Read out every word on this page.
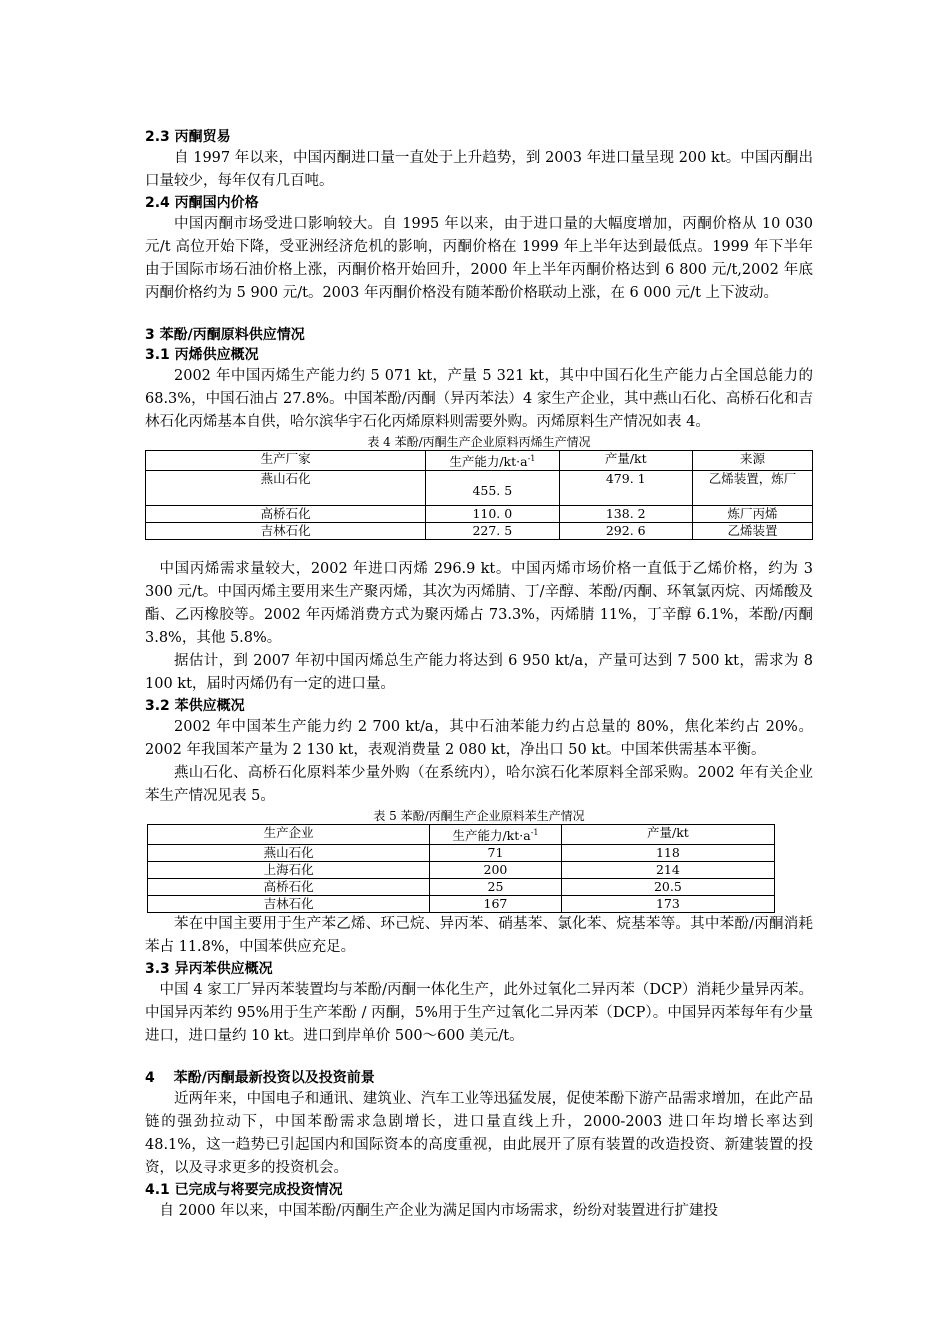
2.3 丙酮贸易

自 1997 年以来，中国丙酮进口量一直处于上升趋势，到 2003 年进口量呈现 200 kt。中国丙酮出口量较少，每年仅有几百吨。

2.4 丙酮国内价格

中国丙酮市场受进口影响较大。自 1995 年以来，由于进口量的大幅度增加，丙酮价格从 10 030 元/t 高位开始下降，受亚洲经济危机的影响，丙酮价格在 1999 年上半年达到最低点。1999 年下半年由于国际市场石油价格上涨，丙酮价格开始回升，2000 年上半年丙酮价格达到 6 800 元/t,2002 年底丙酮价格约为 5 900 元/t。2003 年丙酮价格没有随苯酚价格联动上涨，在 6 000 元/t 上下波动。

3 苯酚/丙酮原料供应情况
3.1 丙烯供应概况

2002 年中国丙烯生产能力约 5 071 kt，产量 5 321 kt，其中中国石化生产能力占全国总能力的 68.3%，中国石油占 27.8%。中国苯酚/丙酮（异丙苯法）4 家生产企业，其中燕山石化、高桥石化和吉林石化丙烯基本自供，哈尔滨华宇石化丙烯原料则需要外购。丙烯原料生产情况如表 4。

表 4 苯酚/丙酮生产企业原料丙烯生产情况
生产厂家	生产能力$/kt\cdot a^{-1}$	产量/kt	来源
燕山石化	455. 5	479. 1	乙烯装置，炼厂
高桥石化	110. 0	138. 2	炼厂丙烯
吉林石化	227. 5	292. 6	乙烯装置

中国丙烯需求量较大，2002 年进口丙烯 296.9 kt。中国丙烯市场价格一直低于乙烯价格，约为 3 300 元/t。中国丙烯主要用来生产聚丙烯，其次为丙烯腈、丁/辛醇、苯酚/丙酮、环氧氯丙烷、丙烯酸及酯、乙丙橡胶等。2002 年丙烯消费方式为聚丙烯占 73.3%，丙烯腈 11%，丁辛醇 6.1%，苯酚/丙酮 3.8%，其他 5.8%。

据估计，到 2007 年初中国丙烯总生产能力将达到 6 950 kt/a，产量可达到 7 500 kt，需求为 8 100 kt，届时丙烯仍有一定的进口量。

3.2 苯供应概况

2002 年中国苯生产能力约 2 700 kt/a，其中石油苯能力约占总量的 80%，焦化苯约占 20%。2002 年我国苯产量为 2 130 kt，表观消费量 2 080 kt，净出口 50 kt。中国苯供需基本平衡。

燕山石化、高桥石化原料苯少量外购（在系统内），哈尔滨石化苯原料全部采购。2002 年有关企业苯生产情况见表 5。

表 5 苯酚/丙酮生产企业原料苯生产情况
生产企业	生产能力$/kt\cdot a^{-1}$	产量/kt
燕山石化	71	118
上海石化	200	214
高桥石化	25	20.5
吉林石化	167	173

苯在中国主要用于生产苯乙烯、环己烷、异丙苯、硝基苯、氯化苯、烷基苯等。其中苯酚/丙酮消耗苯占 11.8%，中国苯供应充足。

3.3 异丙苯供应概况

中国 4 家工厂异丙苯装置均与苯酚/丙酮一体化生产，此外过氧化二异丙苯（DCP）消耗少量异丙苯。中国异丙苯约 95%用于生产苯酚 / 丙酮，5%用于生产过氧化二异丙苯（DCP）。中国异丙苯每年有少量进口，进口量约 10 kt。进口到岸单价 500～600 美元/t。

4　 苯酚/丙酮最新投资以及投资前景

近两年来，中国电子和通讯、建筑业、汽车工业等迅猛发展，促使苯酚下游产品需求增加，在此产品链的强劲拉动下，中国苯酚需求急剧增长，进口量直线上升，2000-2003 进口年均增长率达到 48.1%，这一趋势已引起国内和国际资本的高度重视，由此展开了原有装置的改造投资、新建装置的投资，以及寻求更多的投资机会。

4.1 已完成与将要完成投资情况

自 2000 年以来，中国苯酚/丙酮生产企业为满足国内市场需求，纷纷对装置进行扩建投
